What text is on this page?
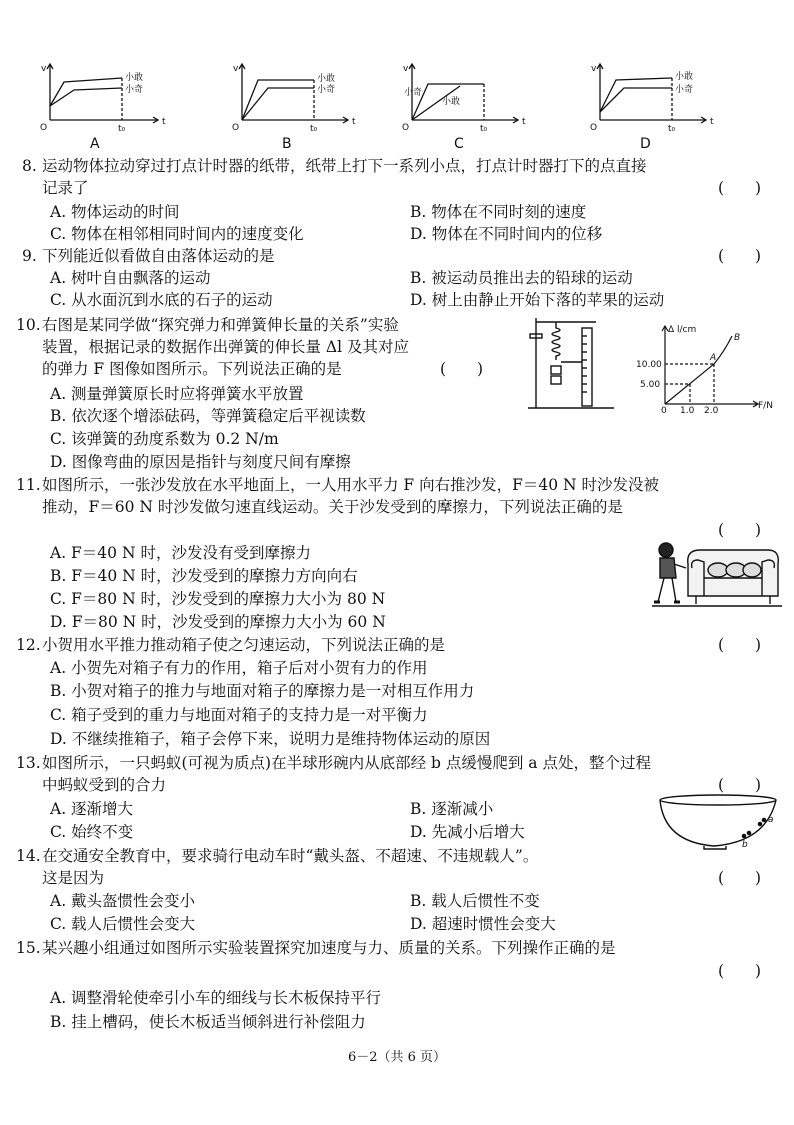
v
O	t₀
t
小敢
小奇
v
O	t₀
t
小敢
小奇
v
O	t₀
t
小奇
小敢
v
O	t₀
t
小敢
小奇
A	B	C	D
8. 运动物体拉动穿过打点计时器的纸带，纸带上打下一系列小点，打点计时器打下的点直接
记录了	(　　)
A. 物体运动的时间	B. 物体在不同时刻的速度
C. 物体在相邻相同时间内的速度变化	D. 物体在不同时间内的位移
9. 下列能近似看做自由落体运动的是	(　　)
A. 树叶自由飘落的运动	B. 被运动员推出去的铅球的运动
C. 从水面沉到水底的石子的运动	D. 树上由静止开始下落的苹果的运动
10. 右图是某同学做“探究弹力和弹簧伸长量的关系”实验
装置，根据记录的数据作出弹簧的伸长量 Δl 及其对应
的弹力 F 图像如图所示。下列说法正确的是	(　　)
A. 测量弹簧原长时应将弹簧水平放置
B. 依次逐个增添砝码，等弹簧稳定后平视读数
C. 该弹簧的劲度系数为 0.2 N/m
D. 图像弯曲的原因是指针与刻度尺间有摩擦
Δ l/cm
F/N
10.00
5.00
0 1.0 2.0
A
B
11. 如图所示，一张沙发放在水平地面上，一人用水平力 F 向右推沙发，F＝40 N 时沙发没被
推动，F＝60 N 时沙发做匀速直线运动。关于沙发受到的摩擦力，下列说法正确的是
(　　)
A. F＝40 N 时，沙发没有受到摩擦力
B. F＝40 N 时，沙发受到的摩擦力方向向右
C. F＝80 N 时，沙发受到的摩擦力大小为 80 N
D. F＝80 N 时，沙发受到的摩擦力大小为 60 N
12. 小贺用水平推力推动箱子使之匀速运动，下列说法正确的是	(　　)
A. 小贺先对箱子有力的作用，箱子后对小贺有力的作用
B. 小贺对箱子的推力与地面对箱子的摩擦力是一对相互作用力
C. 箱子受到的重力与地面对箱子的支持力是一对平衡力
D. 不继续推箱子，箱子会停下来，说明力是维持物体运动的原因
13. 如图所示，一只蚂蚁(可视为质点)在半球形碗内从底部经 b 点缓慢爬到 a 点处，整个过程
中蚂蚁受到的合力	(　　)
A. 逐渐增大	B. 逐渐减小
C. 始终不变	D. 先减小后增大
b
a
14. 在交通安全教育中，要求骑行电动车时“戴头盔、不超速、不违规载人”。
这是因为	(　　)
A. 戴头盔惯性会变小	B. 载人后惯性不变
C. 载人后惯性会变大	D. 超速时惯性会变大
15. 某兴趣小组通过如图所示实验装置探究加速度与力、质量的关系。下列操作正确的是
(　　)
A. 调整滑轮使牵引小车的细线与长木板保持平行
B. 挂上槽码，使长木板适当倾斜进行补偿阻力
6－2（共 6 页）
